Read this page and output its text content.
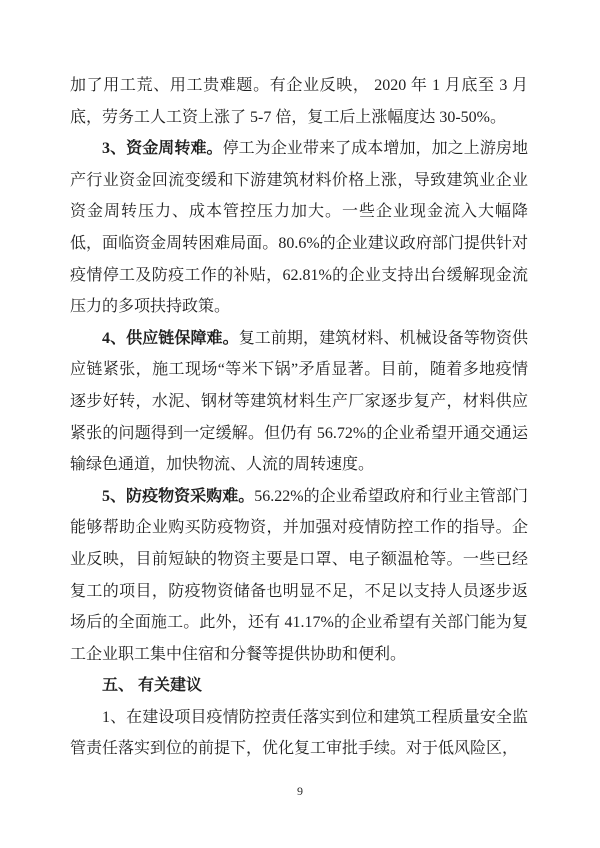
加了用工荒、用工贵难题。有企业反映， 2020 年 1 月底至 3 月底，劳务工人工资上涨了 5-7 倍，复工后上涨幅度达 30-50%。

3、资金周转难。停工为企业带来了成本增加，加之上游房地产行业资金回流变缓和下游建筑材料价格上涨，导致建筑业企业资金周转压力、成本管控压力加大。一些企业现金流入大幅降低，面临资金周转困难局面。80.6%的企业建议政府部门提供针对疫情停工及防疫工作的补贴，62.81%的企业支持出台缓解现金流压力的多项扶持政策。

4、供应链保障难。复工前期，建筑材料、机械设备等物资供应链紧张，施工现场“等米下锅”矛盾显著。目前，随着多地疫情逐步好转，水泥、钢材等建筑材料生产厂家逐步复产，材料供应紧张的问题得到一定缓解。但仍有 56.72%的企业希望开通交通运输绿色通道，加快物流、人流的周转速度。

5、防疫物资采购难。56.22%的企业希望政府和行业主管部门能够帮助企业购买防疫物资，并加强对疫情防控工作的指导。企业反映，目前短缺的物资主要是口罩、电子额温枪等。一些已经复工的项目，防疫物资储备也明显不足，不足以支持人员逐步返场后的全面施工。此外，还有 41.17%的企业希望有关部门能为复工企业职工集中住宿和分餐等提供协助和便利。

五、 有关建议

1、在建设项目疫情防控责任落实到位和建筑工程质量安全监管责任落实到位的前提下，优化复工审批手续。对于低风险区，

9
